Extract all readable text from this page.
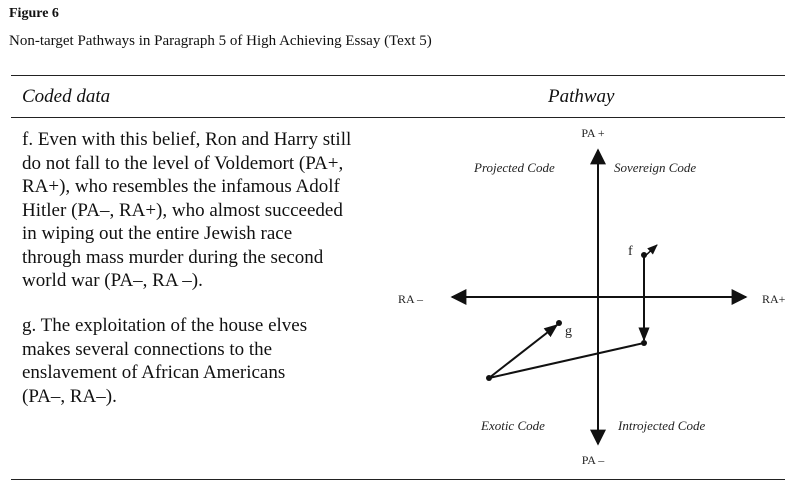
Figure 6
Non-target Pathways in Paragraph 5 of High Achieving Essay (Text 5)
Coded data	Pathway

f. Even with this belief, Ron and Harry still

do not fall to the level of Voldemort (PA+,

RA+), who resembles the infamous Adolf

Hitler (PA–, RA+), who almost succeeded

in wiping out the entire Jewish race

through mass murder during the second

world war (PA–, RA –).

g. The exploitation of the house elves

makes several connections to the

enslavement of African Americans

(PA–, RA–).

PA +
PA –
RA –	RA+
Projected Code	Sovereign Code
Exotic Code	Introjected Code
f
g
